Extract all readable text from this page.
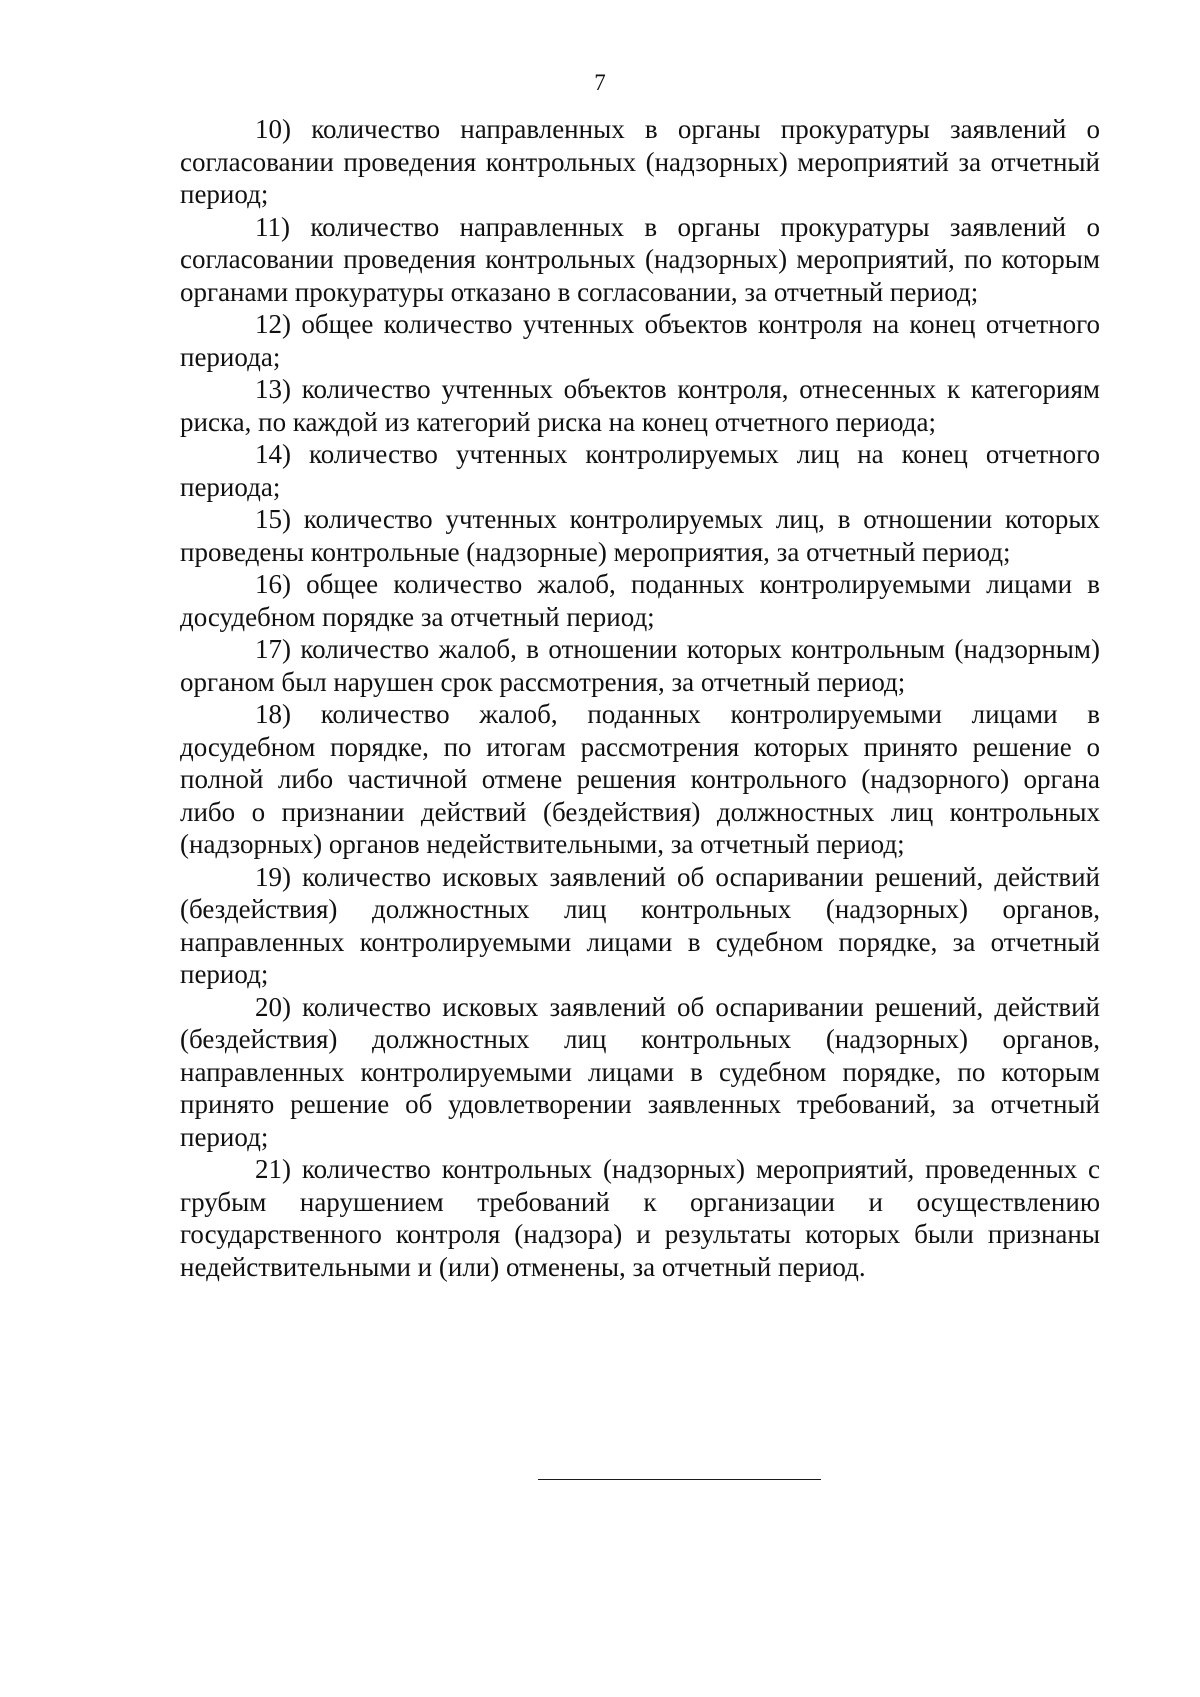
7

10) количество направленных в органы прокуратуры заявлений о согласовании проведения контрольных (надзорных) мероприятий за отчетный период;

11) количество направленных в органы прокуратуры заявлений о согласовании проведения контрольных (надзорных) мероприятий, по которым органами прокуратуры отказано в согласовании, за отчетный период;

12) общее количество учтенных объектов контроля на конец отчетного периода;

13) количество учтенных объектов контроля, отнесенных к категориям риска, по каждой из категорий риска на конец отчетного периода;

14) количество учтенных контролируемых лиц на конец отчетного периода;

15) количество учтенных контролируемых лиц, в отношении которых проведены контрольные (надзорные) мероприятия, за отчетный период;

16) общее количество жалоб, поданных контролируемыми лицами в досудебном порядке за отчетный период;

17) количество жалоб, в отношении которых контрольным (надзорным) органом был нарушен срок рассмотрения, за отчетный период;

18) количество жалоб, поданных контролируемыми лицами в досудебном порядке, по итогам рассмотрения которых принято решение о полной либо частичной отмене решения контрольного (надзорного) органа либо о признании действий (бездействия) должностных лиц контрольных (надзорных) органов недействительными, за отчетный период;

19) количество исковых заявлений об оспаривании решений, действий (бездействия) должностных лиц контрольных (надзорных) органов, направленных контролируемыми лицами в судебном порядке, за отчетный период;

20) количество исковых заявлений об оспаривании решений, действий (бездействия) должностных лиц контрольных (надзорных) органов, направленных контролируемыми лицами в судебном порядке, по которым принято решение об удовлетворении заявленных требований, за отчетный период;

21) количество контрольных (надзорных) мероприятий, проведенных с грубым нарушением требований к организации и осуществлению государственного контроля (надзора) и результаты которых были признаны недействительными и (или) отменены, за отчетный период.
